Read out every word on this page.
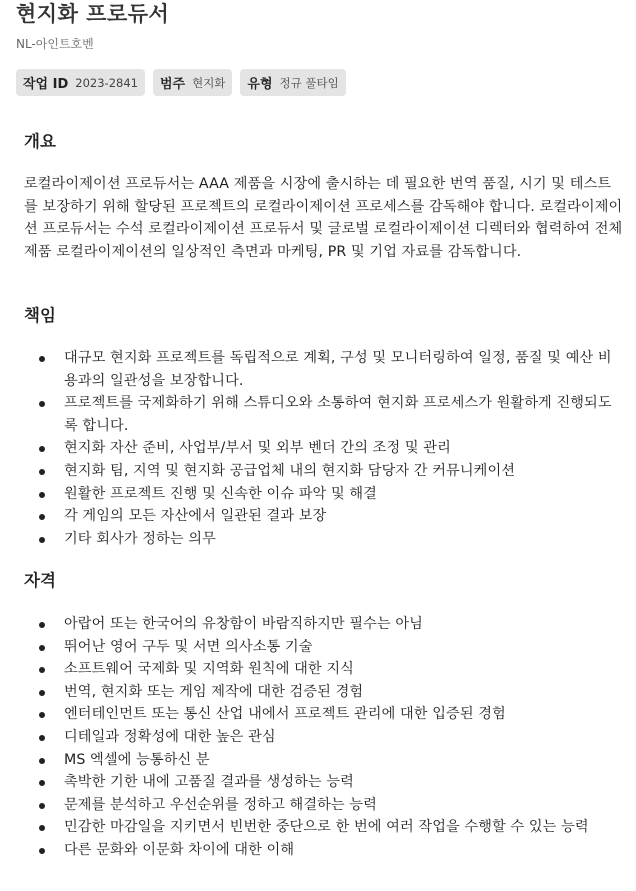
현지화 프로듀서
NL-아인트호벤
작업 ID 2023-2841 범주 현지화 유형 정규 풀타임
개요

로컬라이제이션 프로듀서는 AAA 제품을 시장에 출시하는 데 필요한 번역 품질, 시기 및 테스트를 보장하기 위해 할당된 프로젝트의 로컬라이제이션 프로세스를 감독해야 합니다. 로컬라이제이션 프로듀서는 수석 로컬라이제이션 프로듀서 및 글로벌 로컬라이제이션 디렉터와 협력하여 전체 제품 로컬라이제이션의 일상적인 측면과 마케팅, PR 및 기업 자료를 감독합니다.

책임
대규모 현지화 프로젝트를 독립적으로 계획, 구성 및 모니터링하여 일정, 품질 및 예산 비용과의 일관성을 보장합니다.
프로젝트를 국제화하기 위해 스튜디오와 소통하여 현지화 프로세스가 원활하게 진행되도록 합니다.
현지화 자산 준비, 사업부/부서 및 외부 벤더 간의 조정 및 관리
현지화 팀, 지역 및 현지화 공급업체 내의 현지화 담당자 간 커뮤니케이션
원활한 프로젝트 진행 및 신속한 이슈 파악 및 해결
각 게임의 모든 자산에서 일관된 결과 보장
기타 회사가 정하는 의무
자격
아랍어 또는 한국어의 유창함이 바람직하지만 필수는 아님
뛰어난 영어 구두 및 서면 의사소통 기술
소프트웨어 국제화 및 지역화 원칙에 대한 지식
번역, 현지화 또는 게임 제작에 대한 검증된 경험
엔터테인먼트 또는 통신 산업 내에서 프로젝트 관리에 대한 입증된 경험
디테일과 정확성에 대한 높은 관심
MS 엑셀에 능통하신 분
촉박한 기한 내에 고품질 결과를 생성하는 능력
문제를 분석하고 우선순위를 정하고 해결하는 능력
민감한 마감일을 지키면서 빈번한 중단으로 한 번에 여러 작업을 수행할 수 있는 능력
다른 문화와 이문화 차이에 대한 이해
